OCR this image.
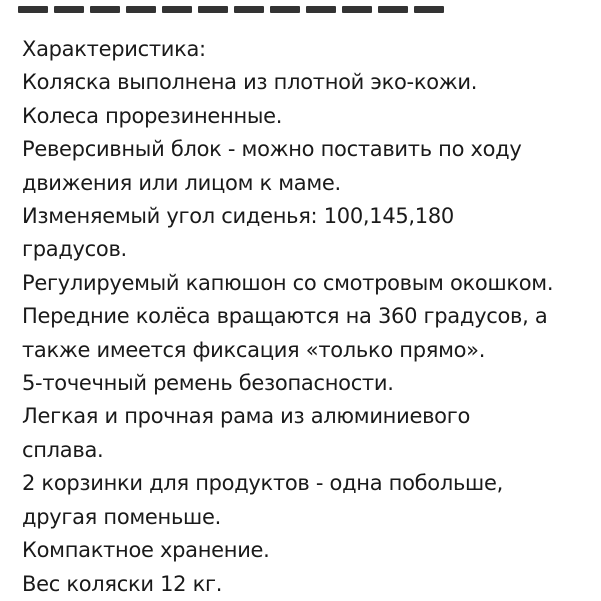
Характеристика:
Коляска выполнена из плотной эко-кожи.
Колеса прорезиненные.
Реверсивный блок - можно поставить по ходу
движения или лицом к маме.
Изменяемый угол сиденья: 100,145,180
градусов.
Регулируемый капюшон со смотровым окошком.
Передние колёса вращаются на 360 градусов, а
также имеется фиксация «только прямо».
5-точечный ремень безопасности.
Легкая и прочная рама из алюминиевого
сплава.
2 корзинки для продуктов - одна побольше,
другая поменьше.
Компактное хранение.
Вес коляски 12 кг.
